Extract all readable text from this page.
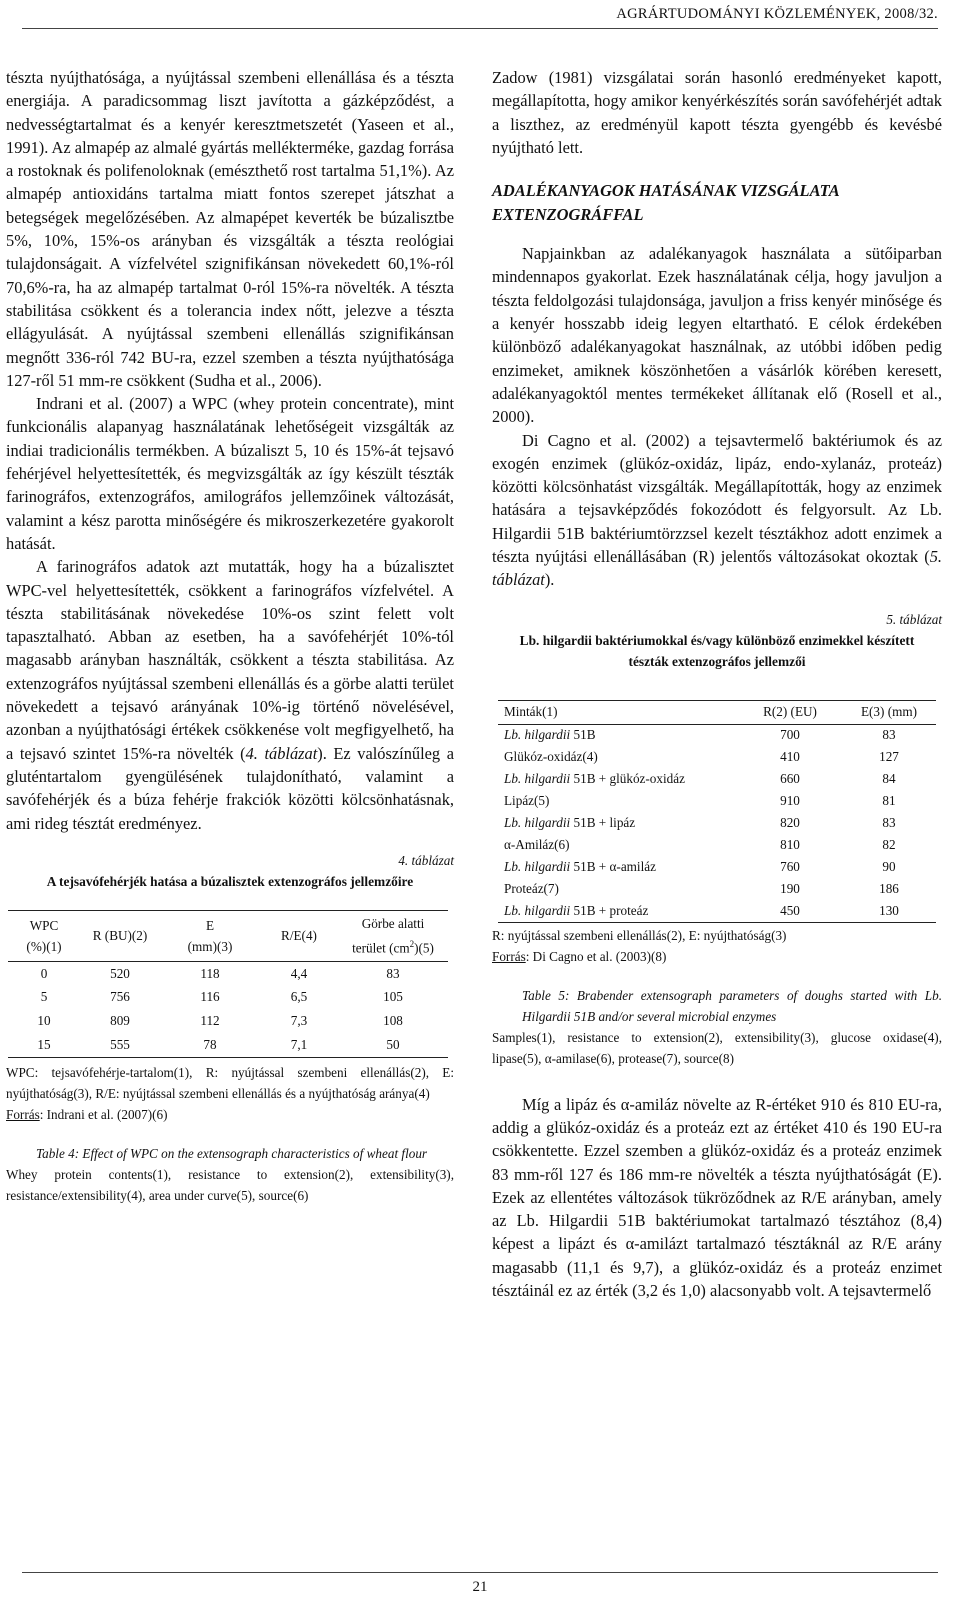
AGRÁRTUDOMÁNYI KÖZLEMÉNYEK, 2008/32.

tészta nyújthatósága, a nyújtással szembeni ellenállása és a tészta energiája. A paradicsommag liszt javította a gázképződést, a nedvességtartalmat és a kenyér keresztmetszetét (Yaseen et al., 1991). Az almapép az almalé gyártás mellékterméke, gazdag forrása a rostoknak és polifenoloknak (emészthető rost tartalma 51,1%). Az almapép antioxidáns tartalma miatt fontos szerepet játszhat a betegségek megelőzésében. Az almapépet keverték be búzalisztbe 5%, 10%, 15%-os arányban és vizsgálták a tészta reológiai tulajdonságait. A vízfelvétel szignifikánsan növekedett 60,1%-ról 70,6%-ra, ha az almapép tartalmat 0-ról 15%-ra növelték. A tészta stabilitása csökkent és a tolerancia index nőtt, jelezve a tészta ellágyulását. A nyújtással szembeni ellenállás szignifikánsan megnőtt 336-ról 742 BU-ra, ezzel szemben a tészta nyújthatósága 127-ről 51 mm-re csökkent (Sudha et al., 2006).

Indrani et al. (2007) a WPC (whey protein concentrate), mint funkcionális alapanyag használatának lehetőségeit vizsgálták az indiai tradicionális termékben. A búzaliszt 5, 10 és 15%-át tejsavó fehérjével helyettesítették, és megvizsgálták az így készült tészták farinográfos, extenzográfos, amilográfos jellemzőinek változását, valamint a kész parotta minőségére és mikroszerkezetére gyakorolt hatását.

A farinográfos adatok azt mutatták, hogy ha a búzalisztet WPC-vel helyettesítették, csökkent a farinográfos vízfelvétel. A tészta stabilitásának növekedése 10%-os szint felett volt tapasztalható. Abban az esetben, ha a savófehérjét 10%-tól magasabb arányban használták, csökkent a tészta stabilitása. Az extenzográfos nyújtással szembeni ellenállás és a görbe alatti terület növekedett a tejsavó arányának 10%-ig történő növelésével, azonban a nyújthatósági értékek csökkenése volt megfigyelhető, ha a tejsavó szintet 15%-ra növelték (4. táblázat). Ez valószínűleg a gluténtartalom gyengülésének tulajdonítható, valamint a savófehérjék és a búza fehérje frakciók közötti kölcsönhatásnak, ami rideg tésztát eredményez.

4. táblázat

A tejsavófehérjék hatása a búzalisztek extenzográfos jellemzőire

WPC
(%)(1)	R (BU)(2)	E
(mm)(3)	R/E(4)	Görbe alatti
terület $(cm^2)(5)$
0	520	118	4,4	83
5	756	116	6,5	105
10	809	112	7,3	108
15	555	78	7,1	50

WPC: tejsavófehérje-tartalom(1), R: nyújtással szembeni ellenállás(2), E: nyújthatóság(3), R/E: nyújtással szembeni ellenállás és a nyújthatóság aránya(4)

Forrás: Indrani et al. (2007)(6)

Table 4: Effect of WPC on the extensograph characteristics of wheat flour

Whey protein contents(1), resistance to extension(2), extensibility(3), resistance/extensibility(4), area under curve(5), source(6)

Zadow (1981) vizsgálatai során hasonló eredményeket kapott, megállapította, hogy amikor kenyérkészítés során savófehérjét adtak a liszthez, az eredményül kapott tészta gyengébb és kevésbé nyújtható lett.

ADALÉKANYAGOK HATÁSÁNAK VIZSGÁLATA EXTENZOGRÁFFAL

Napjainkban az adalékanyagok használata a sütőiparban mindennapos gyakorlat. Ezek használatának célja, hogy javuljon a tészta feldolgozási tulajdonsága, javuljon a friss kenyér minősége és a kenyér hosszabb ideig legyen eltartható. E célok érdekében különböző adalékanyagokat használnak, az utóbbi időben pedig enzimeket, amiknek köszönhetően a vásárlók körében keresett, adalékanyagoktól mentes termékeket állítanak elő (Rosell et al., 2000).

Di Cagno et al. (2002) a tejsavtermelő baktériumok és az exogén enzimek (glükóz-oxidáz, lipáz, endo-xylanáz, proteáz) közötti kölcsönhatást vizsgálták. Megállapították, hogy az enzimek hatására a tejsavképződés fokozódott és felgyorsult. Az Lb. Hilgardii 51B baktériumtörzzsel kezelt tésztákhoz adott enzimek a tészta nyújtási ellenállásában (R) jelentős változásokat okoztak (5. táblázat).

5. táblázat

Lb. hilgardii baktériumokkal és/vagy különböző enzimekkel készített tészták extenzográfos jellemzői

Minták(1)	R(2) (EU)	E(3) (mm)
Lb. hilgardii 51B	700	83
Glükóz-oxidáz(4)	410	127
Lb. hilgardii 51B + glükóz-oxidáz	660	84
Lipáz(5)	910	81
Lb. hilgardii 51B + lipáz	820	83
α-Amiláz(6)	810	82
Lb. hilgardii 51B + α-amiláz	760	90
Proteáz(7)	190	186
Lb. hilgardii 51B + proteáz	450	130

R: nyújtással szembeni ellenállás(2), E: nyújthatóság(3)

Forrás: Di Cagno et al. (2003)(8)

Table 5: Brabender extensograph parameters of doughs started with Lb. Hilgardii 51B and/or several microbial enzymes

Samples(1), resistance to extension(2), extensibility(3), glucose oxidase(4), lipase(5), α-amilase(6), protease(7), source(8)

Míg a lipáz és α-amiláz növelte az R-értéket 910 és 810 EU-ra, addig a glükóz-oxidáz és a proteáz ezt az értéket 410 és 190 EU-ra csökkentette. Ezzel szemben a glükóz-oxidáz és a proteáz enzimek 83 mm-ről 127 és 186 mm-re növelték a tészta nyújthatóságát (E). Ezek az ellentétes változások tükröződnek az R/E arányban, amely az Lb. Hilgardii 51B baktériumokat tartalmazó tésztához (8,4) képest a lipázt és α-amilázt tartalmazó tésztáknál az R/E arány magasabb (11,1 és 9,7), a glükóz-oxidáz és a proteáz enzimet tésztáinál ez az érték (3,2 és 1,0) alacsonyabb volt. A tejsavtermelő

21
